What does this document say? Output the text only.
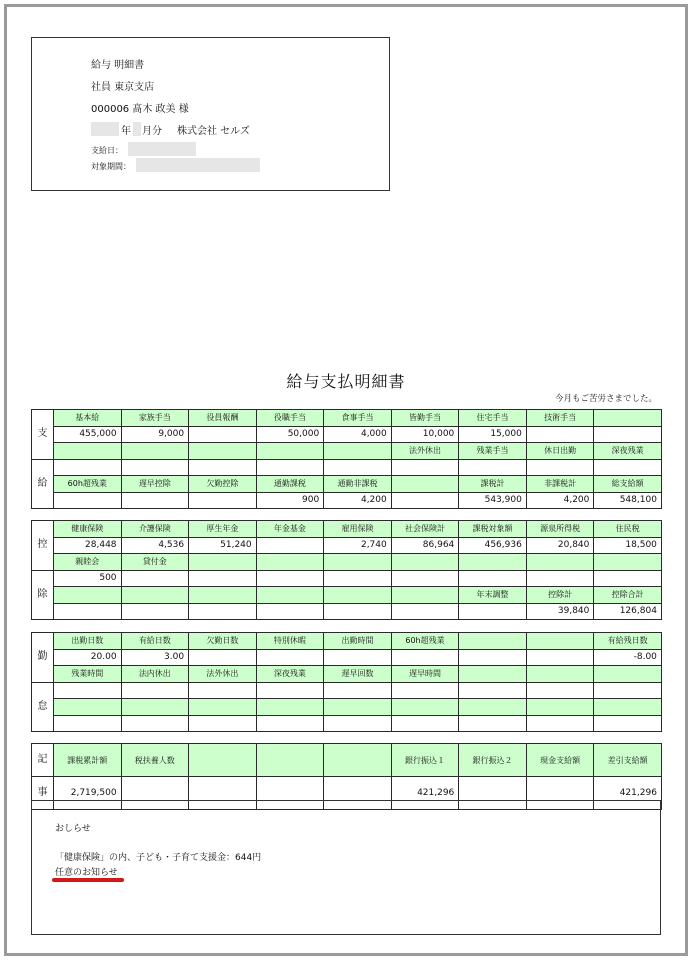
給与 明細書
社員 東京支店
000006 髙木 政美 様
年 月分 株式会社 セルズ
支給日：
対象期間：
給与支払明細書
今月もご苦労さまでした。
支	基本給	家族手当	役員報酬	役職手当	食事手当	皆勤手当	住宅手当	技術手当	
	455,000	9,000		50,000	4,000	10,000	15,000		
						法外休出	残業手当	休日出勤	深夜残業
給									
	60h超残業	遅早控除	欠勤控除	通勤課税	通勤非課税		課税計	非課税計	総支給額
				900	4,200		543,900	4,200	548,100
控	健康保険	介護保険	厚生年金	年金基金	雇用保険	社会保険計	課税対象額	源泉所得税	住民税
	28,448	4,536	51,240		2,740	86,964	456,936	20,840	18,500
	親睦会	貸付金							
除	500								
							年末調整	控除計	控除合計
								39,840	126,804
勤	出勤日数	有給日数	欠勤日数	特別休暇	出勤時間	60h超残業			有給残日数
	20.00	3.00							-8.00
	残業時間	法内休出	法外休出	深夜残業	遅早回数	遅早時間			
怠									

記	課税累計額	税扶養人数				銀行振込１	銀行振込２	現金支給額	差引支給額
事	2,719,500					421,296			421,296
おしらせ
「健康保険」の内、子ども・子育て支援金：644円
任意のお知らせ
